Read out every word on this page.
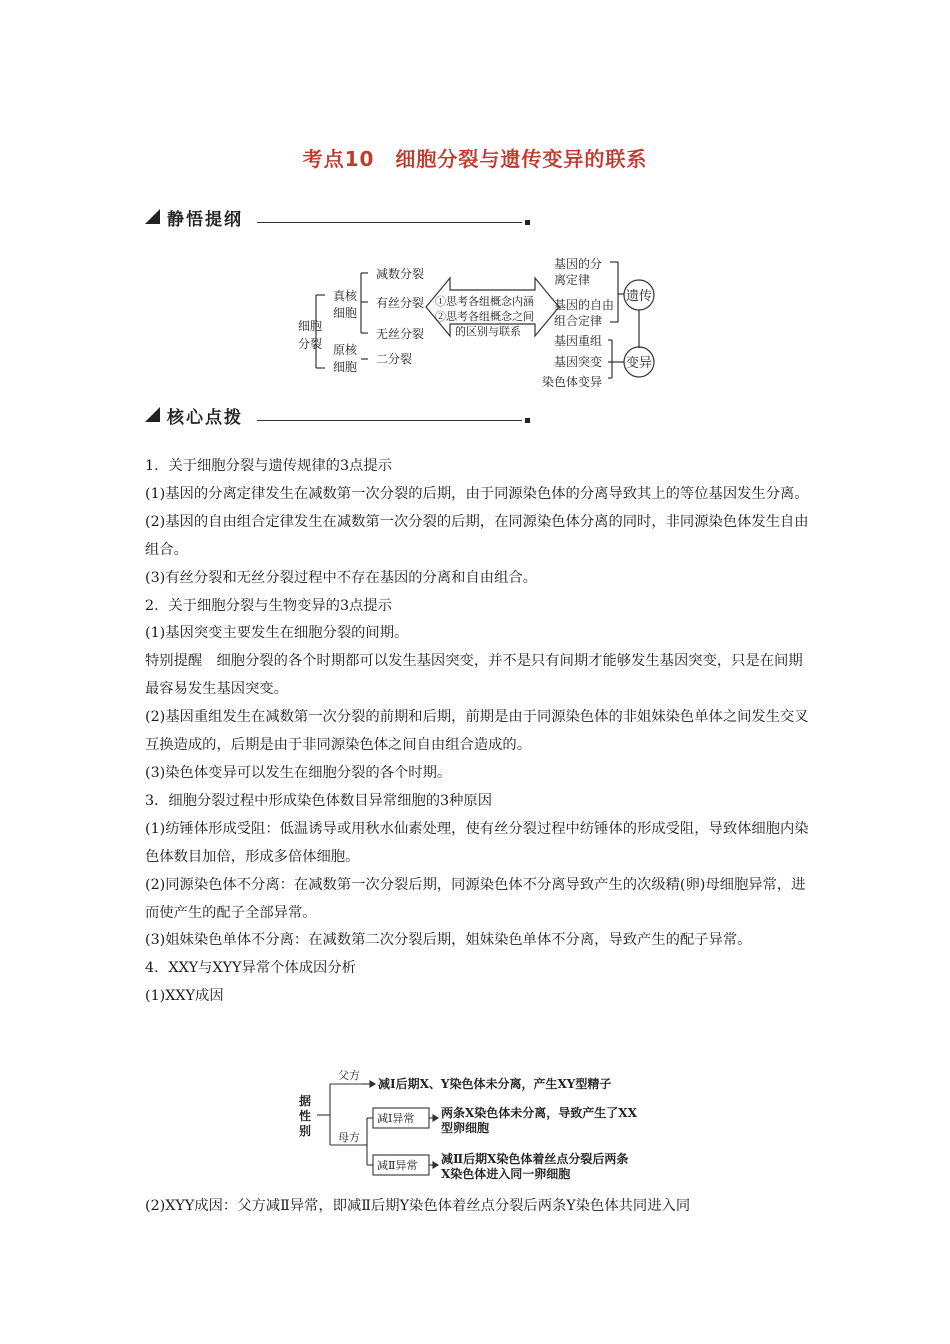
考点10　细胞分裂与遗传变异的联系
静悟提纲
细胞
分裂
真核
细胞
原核
细胞
减数分裂
有丝分裂
无丝分裂
二分裂
①思考各组概念内涵
②思考各组概念之间
的区别与联系
基因的分
离定律
基因的自由
组合定律
基因重组
基因突变
染色体变异
遗传
变异
核心点拨

1．关于细胞分裂与遗传规律的3点提示

(1)基因的分离定律发生在减数第一次分裂的后期，由于同源染色体的分离导致其上的等位基因发生分离。

(2)基因的自由组合定律发生在减数第一次分裂的后期，在同源染色体分离的同时，非同源染色体发生自由组合。

(3)有丝分裂和无丝分裂过程中不存在基因的分离和自由组合。

2．关于细胞分裂与生物变异的3点提示

(1)基因突变主要发生在细胞分裂的间期。

特别提醒　细胞分裂的各个时期都可以发生基因突变，并不是只有间期才能够发生基因突变，只是在间期最容易发生基因突变。

(2)基因重组发生在减数第一次分裂的前期和后期，前期是由于同源染色体的非姐妹染色单体之间发生交叉互换造成的，后期是由于非同源染色体之间自由组合造成的。

(3)染色体变异可以发生在细胞分裂的各个时期。

3．细胞分裂过程中形成染色体数目异常细胞的3种原因

(1)纺锤体形成受阻：低温诱导或用秋水仙素处理，使有丝分裂过程中纺锤体的形成受阻，导致体细胞内染色体数目加倍，形成多倍体细胞。

(2)同源染色体不分离：在减数第一次分裂后期，同源染色体不分离导致产生的次级精(卵)母细胞异常，进而使产生的配子全部异常。

(3)姐妹染色单体不分离：在减数第二次分裂后期，姐妹染色单体不分离，导致产生的配子异常。

4．XXY与XYY异常个体成因分析

(1)XXY成因

据
性
别
父方
母方
减Ⅰ后期X、Y染色体未分离，产生XY型精子
减Ⅰ异常
减Ⅱ异常
两条X染色体未分离，导致产生了XX
型卵细胞
减Ⅱ后期X染色体着丝点分裂后两条
X染色体进入同一卵细胞
(2)XYY成因：父方减Ⅱ异常，即减Ⅱ后期Y染色体着丝点分裂后两条Y染色体共同进入同
